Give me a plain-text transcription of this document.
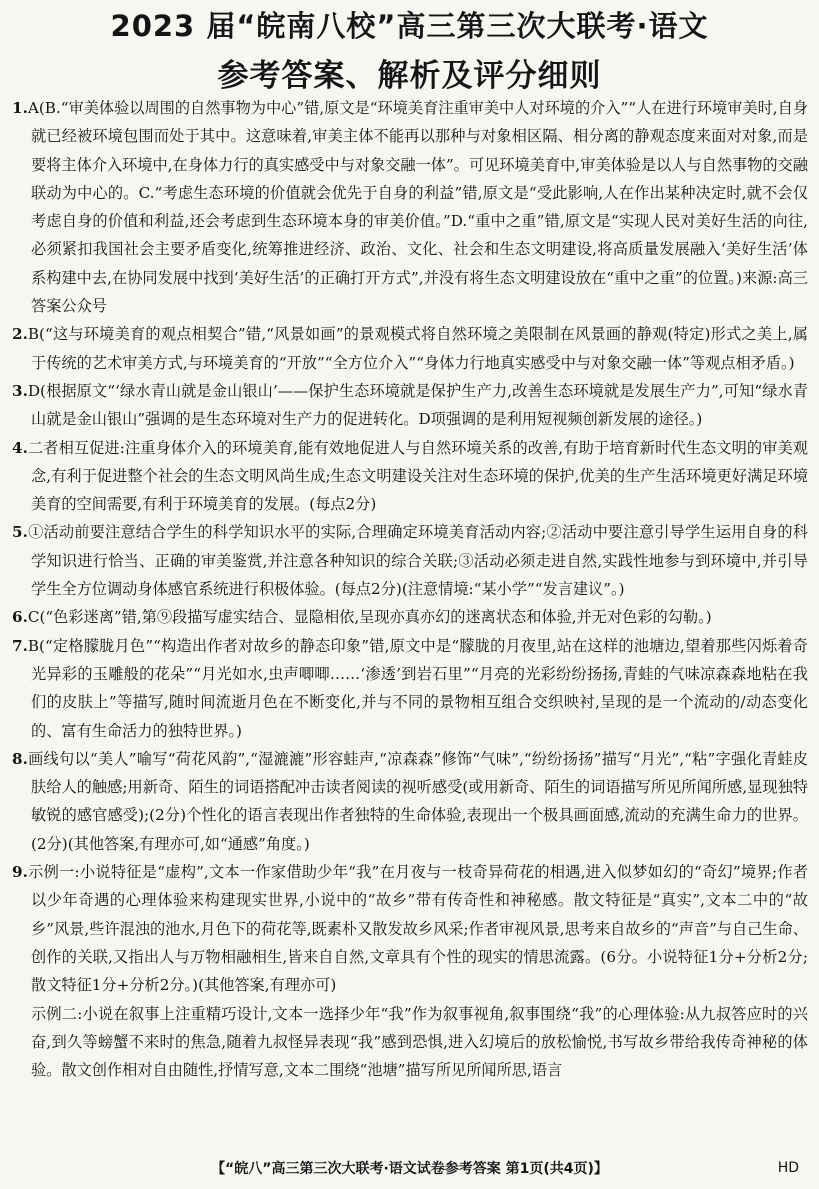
2023 届“皖南八校”高三第三次大联考·语文
参考答案、解析及评分细则

1.A(B.“审美体验以周围的自然事物为中心”错,原文是“环境美育注重审美中人对环境的介入”“人在进行环境审美时,自身就已经被环境包围而处于其中。这意味着,审美主体不能再以那种与对象相区隔、相分离的静观态度来面对对象,而是要将主体介入环境中,在身体力行的真实感受中与对象交融一体”。可见环境美育中,审美体验是以人与自然事物的交融联动为中心的。C.“考虑生态环境的价值就会优先于自身的利益”错,原文是“受此影响,人在作出某种决定时,就不会仅考虑自身的价值和利益,还会考虑到生态环境本身的审美价值。”D.“重中之重”错,原文是“实现人民对美好生活的向往,必须紧扣我国社会主要矛盾变化,统筹推进经济、政治、文化、社会和生态文明建设,将高质量发展融入‘美好生活’体系构建中去,在协同发展中找到‘美好生活’的正确打开方式”,并没有将生态文明建设放在“重中之重”的位置。)来源:高三答案公众号

2.B(“这与环境美育的观点相契合”错,“风景如画”的景观模式将自然环境之美限制在风景画的静观(特定)形式之美上,属于传统的艺术审美方式,与环境美育的“开放”“全方位介入”“身体力行地真实感受中与对象交融一体”等观点相矛盾。)

3.D(根据原文“‘绿水青山就是金山银山’——保护生态环境就是保护生产力,改善生态环境就是发展生产力”,可知“绿水青山就是金山银山”强调的是生态环境对生产力的促进转化。D项强调的是利用短视频创新发展的途径。)

4.二者相互促进:注重身体介入的环境美育,能有效地促进人与自然环境关系的改善,有助于培育新时代生态文明的审美观念,有利于促进整个社会的生态文明风尚生成;生态文明建设关注对生态环境的保护,优美的生产生活环境更好满足环境美育的空间需要,有利于环境美育的发展。(每点2分)

5.①活动前要注意结合学生的科学知识水平的实际,合理确定环境美育活动内容;②活动中要注意引导学生运用自身的科学知识进行恰当、正确的审美鉴赏,并注意各种知识的综合关联;③活动必须走进自然,实践性地参与到环境中,并引导学生全方位调动身体感官系统进行积极体验。(每点2分)(注意情境:“某小学”“发言建议”。)

6.C(“色彩迷离”错,第⑨段描写虚实结合、显隐相依,呈现亦真亦幻的迷离状态和体验,并无对色彩的勾勒。)

7.B(“定格朦胧月色”“构造出作者对故乡的静态印象”错,原文中是“朦胧的月夜里,站在这样的池塘边,望着那些闪烁着奇光异彩的玉雕般的花朵”“月光如水,虫声唧唧……‘渗透’到岩石里”“月亮的光彩纷纷扬扬,青蛙的气味凉森森地粘在我们的皮肤上”等描写,随时间流逝月色在不断变化,并与不同的景物相互组合交织映衬,呈现的是一个流动的/动态变化的、富有生命活力的独特世界。)

8.画线句以“美人”喻写“荷花风韵”,“湿漉漉”形容蛙声,“凉森森”修饰“气味”,“纷纷扬扬”描写“月光”,“粘”字强化青蛙皮肤给人的触感;用新奇、陌生的词语搭配冲击读者阅读的视听感受(或用新奇、陌生的词语描写所见所闻所感,显现独特敏锐的感官感受);(2分)个性化的语言表现出作者独特的生命体验,表现出一个极具画面感,流动的充满生命力的世界。(2分)(其他答案,有理亦可,如“通感”角度。)

9.示例一:小说特征是“虚构”,文本一作家借助少年“我”在月夜与一枝奇异荷花的相遇,进入似梦如幻的“奇幻”境界;作者以少年奇遇的心理体验来构建现实世界,小说中的“故乡”带有传奇性和神秘感。散文特征是“真实”,文本二中的“故乡”风景,些许混浊的池水,月色下的荷花等,既素朴又散发故乡风采;作者审视风景,思考来自故乡的“声音”与自己生命、创作的关联,又指出人与万物相融相生,皆来自自然,文章具有个性的现实的情思流露。(6分。小说特征1分+分析2分;散文特征1分+分析2分。)(其他答案,有理亦可)

示例二:小说在叙事上注重精巧设计,文本一选择少年“我”作为叙事视角,叙事围绕“我”的心理体验:从九叔答应时的兴奋,到久等螃蟹不来时的焦急,随着九叔怪异表现“我”感到恐惧,进入幻境后的放松愉悦,书写故乡带给我传奇神秘的体验。散文创作相对自由随性,抒情写意,文本二围绕“池塘”描写所见所闻所思,语言

【“皖八”高三第三次大联考·语文试卷参考答案 第1页(共4页)】	HD
